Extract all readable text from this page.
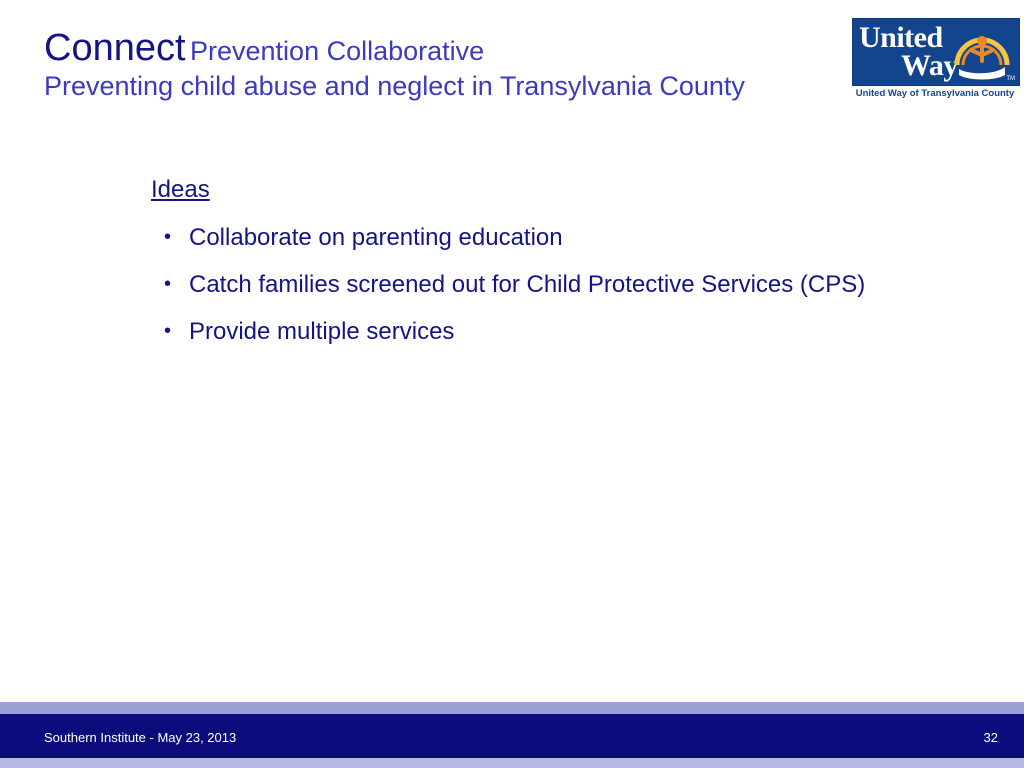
Connect Prevention Collaborative
Preventing child abuse and neglect in Transylvania County
United
Way	TM
United Way of Transylvania County
Ideas
• Collaborate on parenting education
• Catch families screened out for Child Protective Services (CPS)
• Provide multiple services
Southern Institute - May 23, 2013	32
